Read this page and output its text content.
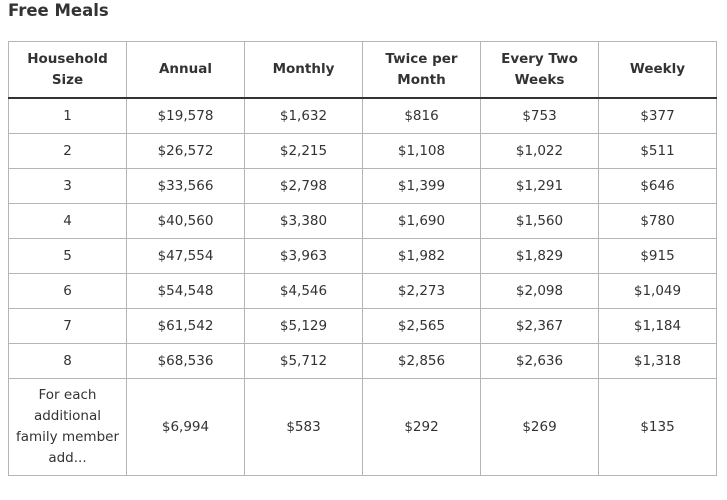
Free Meals
Household Size	Annual	Monthly	Twice per Month	Every Two Weeks	Weekly
1	$19,578	$1,632	$816	$753	$377
2	$26,572	$2,215	$1,108	$1,022	$511
3	$33,566	$2,798	$1,399	$1,291	$646
4	$40,560	$3,380	$1,690	$1,560	$780
5	$47,554	$3,963	$1,982	$1,829	$915
6	$54,548	$4,546	$2,273	$2,098	$1,049
7	$61,542	$5,129	$2,565	$2,367	$1,184
8	$68,536	$5,712	$2,856	$2,636	$1,318
For each additional family member add...	$6,994	$583	$292	$269	$135
